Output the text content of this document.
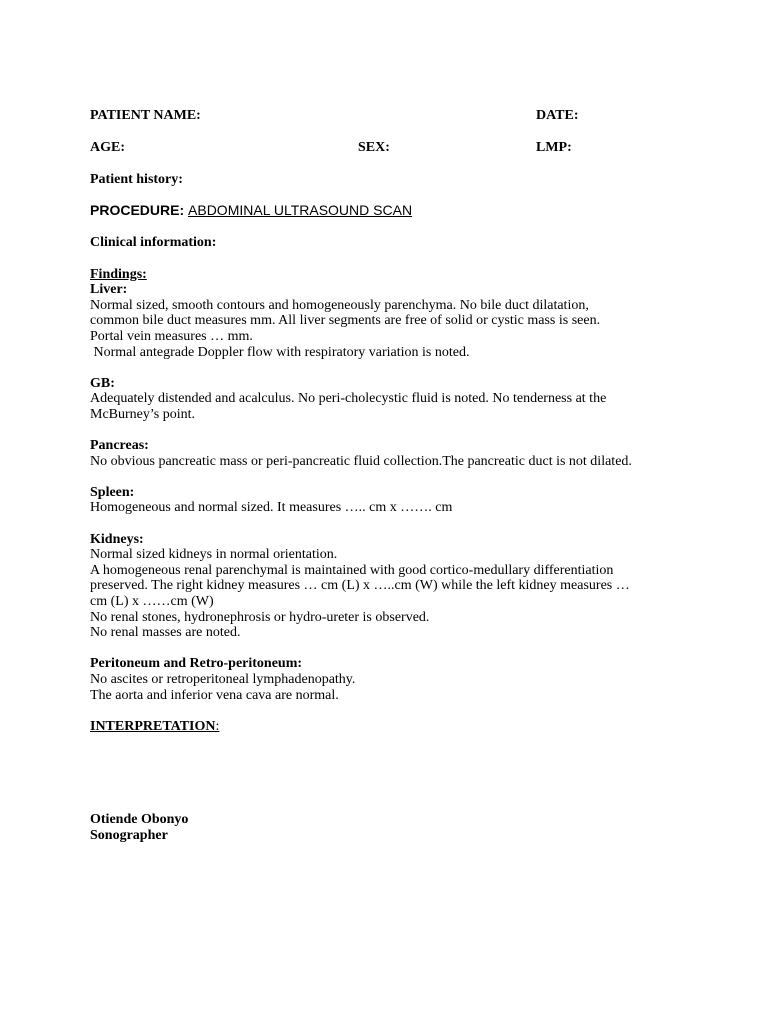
PATIENT NAME:	DATE:
AGE:	SEX:	LMP:

Patient history:

PROCEDURE: ABDOMINAL ULTRASOUND SCAN

Clinical information:

Findings:

Liver:

Normal sized, smooth contours and homogeneously parenchyma. No bile duct dilatation,
common bile duct measures mm. All liver segments are free of solid or cystic mass is seen.
Portal vein measures … mm.
Normal antegrade Doppler flow with respiratory variation is noted.

GB:

Adequately distended and acalculus. No peri-cholecystic fluid is noted. No tenderness at the
McBurney’s point.

Pancreas:

No obvious pancreatic mass or peri-pancreatic fluid collection.The pancreatic duct is not dilated.

Spleen:

Homogeneous and normal sized. It measures ….. cm x ……. cm

Kidneys:

Normal sized kidneys in normal orientation.
A homogeneous renal parenchymal is maintained with good cortico-medullary differentiation
preserved. The right kidney measures … cm (L) x …..cm (W) while the left kidney measures …
cm (L) x ……cm (W)
No renal stones, hydronephrosis or hydro-ureter is observed.
No renal masses are noted.

Peritoneum and Retro-peritoneum:

No ascites or retroperitoneal lymphadenopathy.
The aorta and inferior vena cava are normal.

INTERPRETATION:

Otiende Obonyo

Sonographer
